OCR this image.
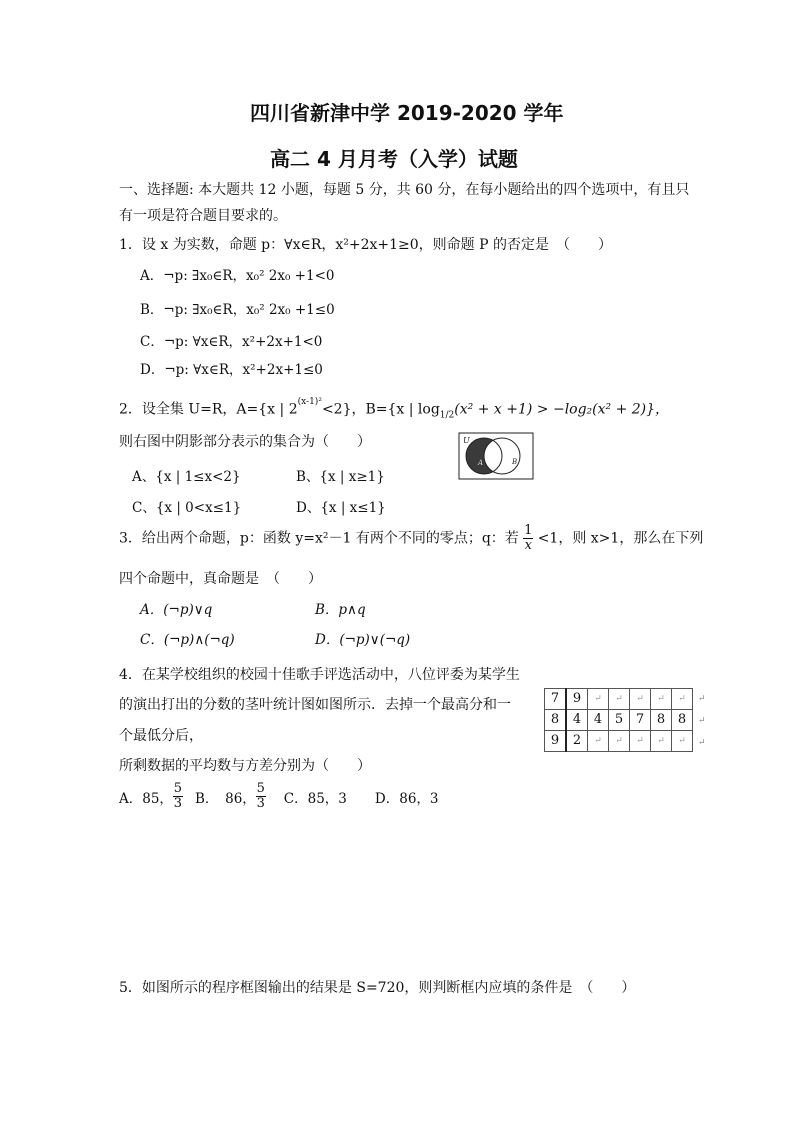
四川省新津中学 2019-2020 学年
高二 4 月月考（入学）试题
一、选择题: 本大题共 12 小题，每题 5 分，共 60 分，在每小题给出的四个选项中，有且只
有一项是符合题目要求的。
1．设 x 为实数，命题 p：∀x∈R，x²+2x+1≥0，则命题 P 的否定是　（　　）
A．¬p: ∃x₀∈R，x₀² 2x₀ +1<0
B．¬p: ∃x₀∈R，x₀² 2x₀ +1≤0
C．¬p: ∀x∈R，x²+2x+1<0
D．¬p: ∀x∈R，x²+2x+1≤0
2．设全集 U=R，A={x | $2^{(x-1)^2}<2$}，B={x | $\log_{1/2}(x^2 + x +1) > -\log_2(x^2 + 2)$}，
则右图中阴影部分表示的集合为（　　）
A、{x | 1≤x<2}	B、{x | x≥1}
C、{x | 0<x≤1}	D、{x | x≤1}
U
A	B
3．给出两个命题，p：函数 y=x²－1 有两个不同的零点；q：若 $\frac{1}{x} <1$，则 x>1，那么在下列
四个命题中，真命题是　（　　）
A．(¬p)∨q	B．p∧q
C．(¬p)∧(¬q)	D．(¬p)∨(¬q)
4．在某学校组织的校园十佳歌手评选活动中，八位评委为某学生
的演出打出的分数的茎叶统计图如图所示．去掉一个最高分和一
个最低分后，
所剩数据的平均数与方差分别为（　　）
7	9	↵	↵	↵	↵	↵
8	4	4	5	7	8	8
9	2	↵	↵	↵	↵	↵
↵
↵
↵
A．85， $\frac{5}{3}$ B．　86， $\frac{5}{3}$ C．85，3 D．86，3
5．如图所示的程序框图输出的结果是 S=720，则判断框内应填的条件是　（　　）
